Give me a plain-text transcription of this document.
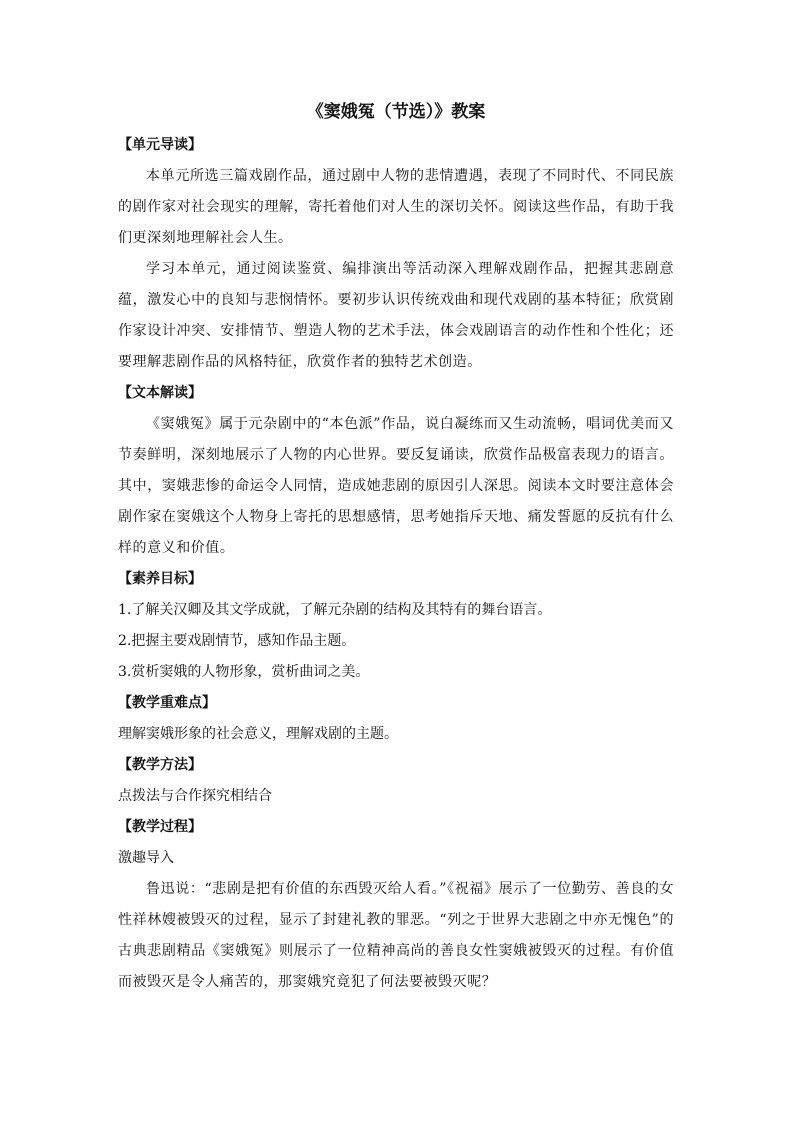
《窦娥冤（节选）》教案

【单元导读】

本单元所选三篇戏剧作品，通过剧中人物的悲情遭遇，表现了不同时代、不同民族的剧作家对社会现实的理解，寄托着他们对人生的深切关怀。阅读这些作品，有助于我们更深刻地理解社会人生。

学习本单元，通过阅读鉴赏、编排演出等活动深入理解戏剧作品，把握其悲剧意蕴，激发心中的良知与悲悯情怀。要初步认识传统戏曲和现代戏剧的基本特征；欣赏剧作家设计冲突、安排情节、塑造人物的艺术手法，体会戏剧语言的动作性和个性化；还要理解悲剧作品的风格特征，欣赏作者的独特艺术创造。

【文本解读】

《窦娥冤》属于元杂剧中的“本色派”作品，说白凝练而又生动流畅，唱词优美而又节奏鲜明，深刻地展示了人物的内心世界。要反复诵读，欣赏作品极富表现力的语言。其中，窦娥悲惨的命运令人同情，造成她悲剧的原因引人深思。阅读本文时要注意体会剧作家在窦娥这个人物身上寄托的思想感情，思考她指斥天地、痛发誓愿的反抗有什么样的意义和价值。

【素养目标】

1.了解关汉卿及其文学成就，了解元杂剧的结构及其特有的舞台语言。

2.把握主要戏剧情节，感知作品主题。

3.赏析窦娥的人物形象，赏析曲词之美。

【教学重难点】

理解窦娥形象的社会意义，理解戏剧的主题。

【教学方法】

点拨法与合作探究相结合

【教学过程】

激趣导入

鲁迅说：“悲剧是把有价值的东西毁灭给人看。”《祝福》展示了一位勤劳、善良的女性祥林嫂被毁灭的过程，显示了封建礼教的罪恶。“列之于世界大悲剧之中亦无愧色”的古典悲剧精品《窦娥冤》则展示了一位精神高尚的善良女性窦娥被毁灭的过程。有价值而被毁灭是令人痛苦的，那窦娥究竟犯了何法要被毁灭呢？
